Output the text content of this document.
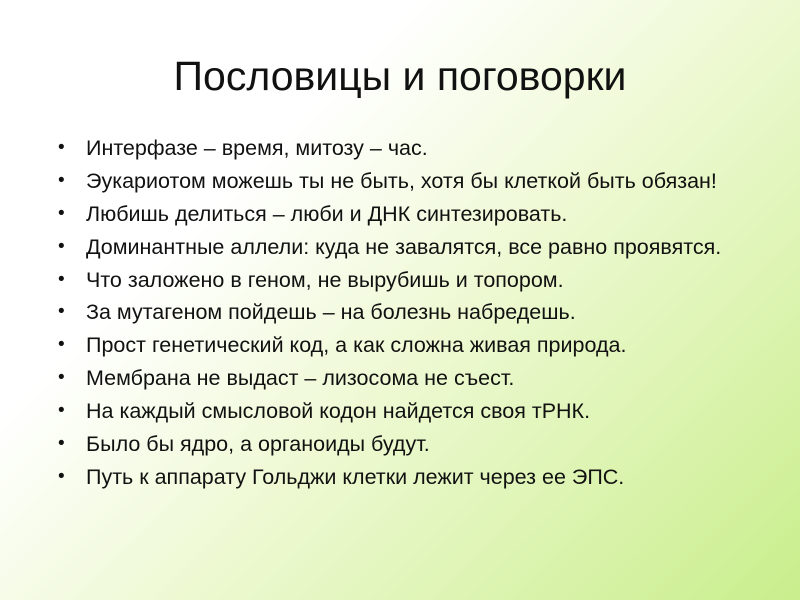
Пословицы и поговорки
• Интерфазе – время, митозу – час.
• Эукариотом можешь ты не быть, хотя бы клеткой быть обязан!
• Любишь делиться – люби и ДНК синтезировать.
• Доминантные аллели: куда не завалятся, все равно проявятся.
• Что заложено в геном, не вырубишь и топором.
• За мутагеном пойдешь – на болезнь набредешь.
• Прост генетический код, а как сложна живая природа.
• Мембрана не выдаст – лизосома не съест.
• На каждый смысловой кодон найдется своя тРНК.
• Было бы ядро, а органоиды будут.
• Путь к аппарату Гольджи клетки лежит через ее ЭПС.
